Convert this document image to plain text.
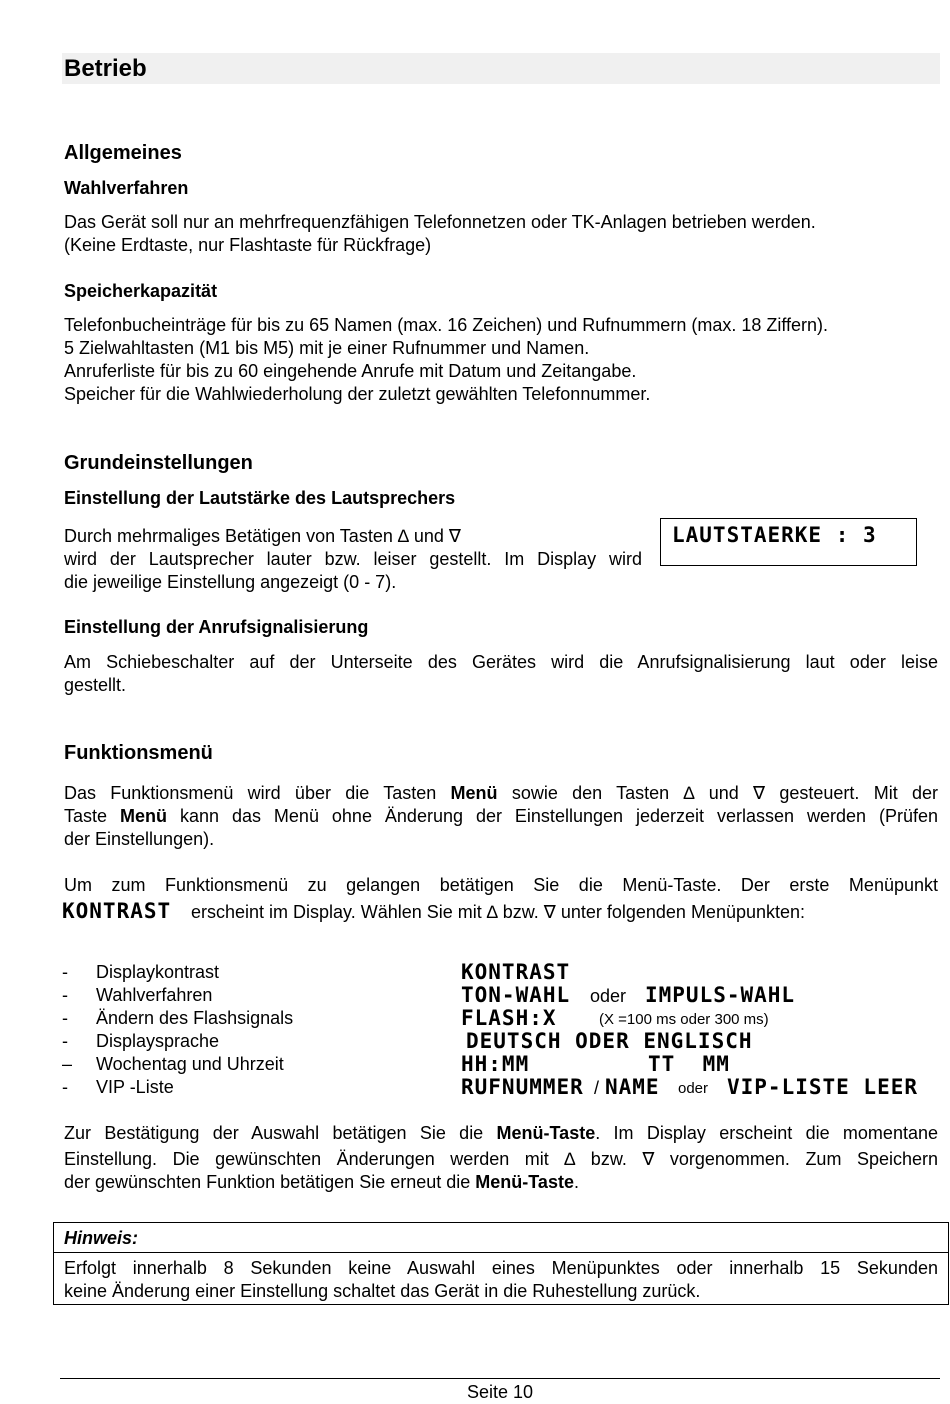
Betrieb
Allgemeines
Wahlverfahren
Das Gerät soll nur an mehrfrequenzfähigen Telefonnetzen oder TK-Anlagen betrieben werden.
(Keine Erdtaste, nur Flashtaste für Rückfrage)
Speicherkapazität
Telefonbucheinträge für bis zu 65 Namen (max. 16 Zeichen) und Rufnummern (max. 18 Ziffern).
5 Zielwahltasten (M1 bis M5) mit je einer Rufnummer und Namen.
Anruferliste für bis zu 60 eingehende Anrufe mit Datum und Zeitangabe.
Speicher für die Wahlwiederholung der zuletzt gewählten Telefonnummer.
Grundeinstellungen
Einstellung der Lautstärke des Lautsprechers
Durch mehrmaliges Betätigen von Tasten ∆ und ∇
wird der Lautsprecher lauter bzw. leiser gestellt. Im Display wird
die jeweilige Einstellung angezeigt (0 - 7).
LAUTSTAERKE : 3
Einstellung der Anrufsignalisierung
Am Schiebeschalter auf der Unterseite des Gerätes wird die Anrufsignalisierung laut oder leise
gestellt.
Funktionsmenü
Das Funktionsmenü wird über die Tasten Menü sowie den Tasten ∆ und ∇ gesteuert. Mit der
Taste Menü kann das Menü ohne Änderung der Einstellungen jederzeit verlassen werden (Prüfen
der Einstellungen).
Um zum Funktionsmenü zu gelangen betätigen Sie die Menü-Taste. Der erste Menüpunkt
KONTRAST erscheint im Display. Wählen Sie mit ∆ bzw. ∇ unter folgenden Menüpunkten:
- Displaykontrast
- Wahlverfahren
- Ändern des Flashsignals
- Displaysprache
– Wochentag und Uhrzeit
- VIP -Liste
KONTRAST
TON-WAHL oder IMPULS-WAHL
FLASH:X	(X =100 ms oder 300 ms)
DEUTSCH ODER ENGLISCH
HH:MM	TT  MM
RUFNUMMER / NAME oder VIP-LISTE LEER
Zur Bestätigung der Auswahl betätigen Sie die Menü-Taste. Im Display erscheint die momentane
Einstellung. Die gewünschten Änderungen werden mit ∆ bzw. ∇ vorgenommen. Zum Speichern
der gewünschten Funktion betätigen Sie erneut die Menü-Taste.
Hinweis:
Erfolgt innerhalb 8 Sekunden keine Auswahl eines Menüpunktes oder innerhalb 15 Sekunden
keine Änderung einer Einstellung schaltet das Gerät in die Ruhestellung zurück.
Seite 10
